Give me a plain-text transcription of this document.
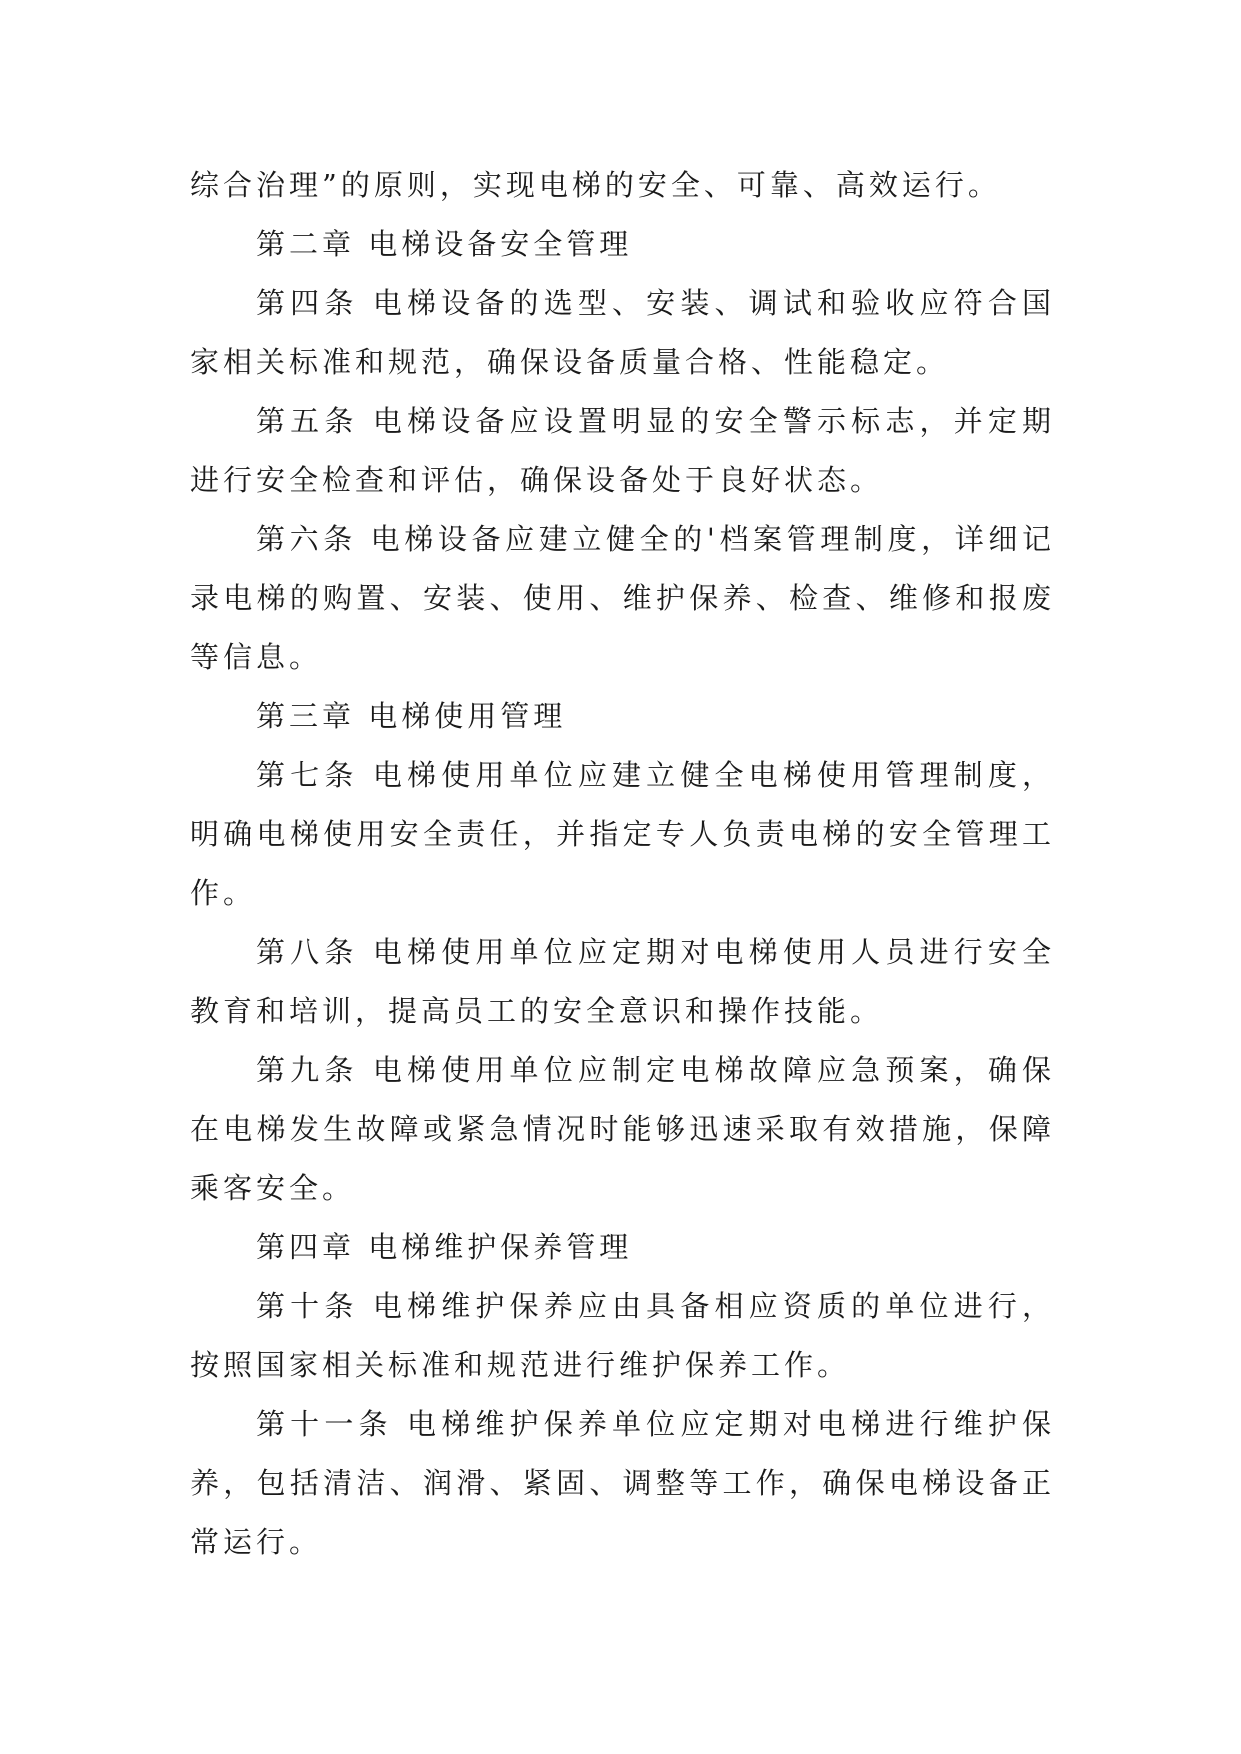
综合治理”的原则，实现电梯的安全、可靠、高效运行。

第二章 电梯设备安全管理

第四条 电梯设备的选型、安装、调试和验收应符合国家相关标准和规范，确保设备质量合格、性能稳定。

第五条 电梯设备应设置明显的安全警示标志，并定期进行安全检查和评估，确保设备处于良好状态。

第六条 电梯设备应建立健全的'档案管理制度，详细记录电梯的购置、安装、使用、维护保养、检查、维修和报废等信息。

第三章 电梯使用管理

第七条 电梯使用单位应建立健全电梯使用管理制度，明确电梯使用安全责任，并指定专人负责电梯的安全管理工作。

第八条 电梯使用单位应定期对电梯使用人员进行安全教育和培训，提高员工的安全意识和操作技能。

第九条 电梯使用单位应制定电梯故障应急预案，确保在电梯发生故障或紧急情况时能够迅速采取有效措施，保障乘客安全。

第四章 电梯维护保养管理

第十条 电梯维护保养应由具备相应资质的单位进行，按照国家相关标准和规范进行维护保养工作。

第十一条 电梯维护保养单位应定期对电梯进行维护保养，包括清洁、润滑、紧固、调整等工作，确保电梯设备正常运行。
